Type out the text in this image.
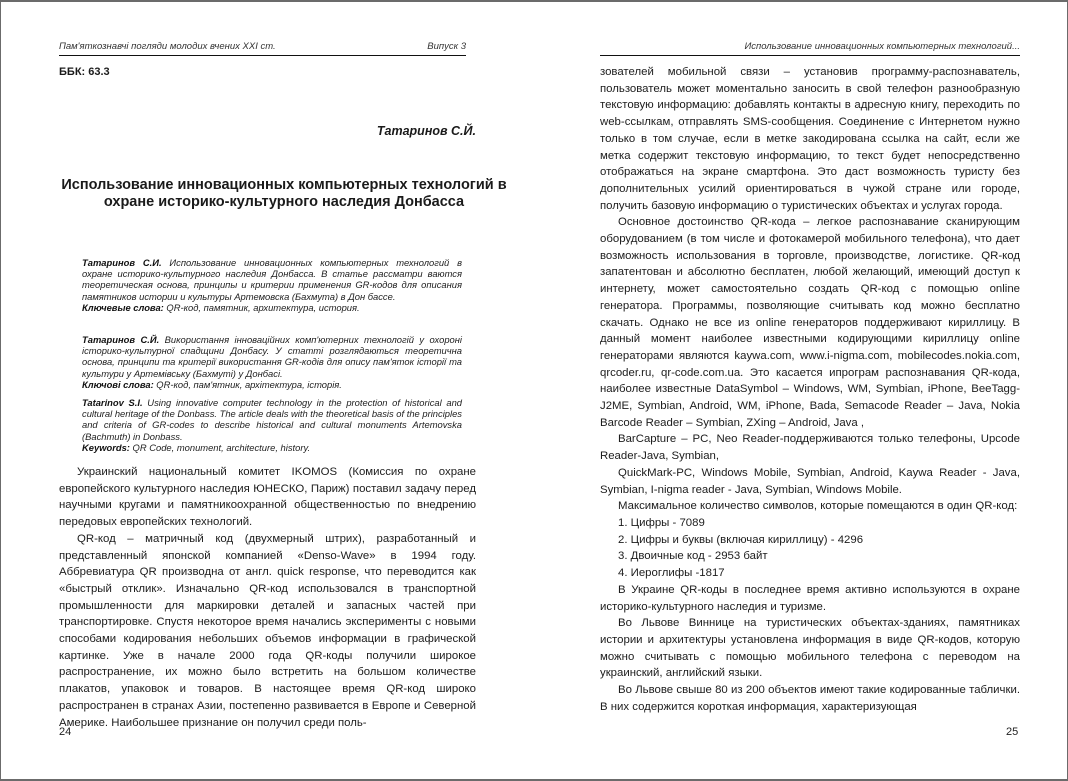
Пам'яткознавчі погляди молодих вчених XXI ст.	Випуск 3
ББК: 63.3
Татаринов С.Й.
Использование инновационных компьютерных технологий в охране историко-культурного наследия Донбасса
Татаринов С.И. Использование инновационных компьютерных технологий в охране историко-культурного наследия Донбасса. В статье рассматри ваются теоретическая основа, принципы и критерии применения GR-кодов для описания памятников истории и культуры Артемовска (Бахмута) в Дон бассе.
Ключевые слова: QR-код, памятник, архитектура, история.
Татаринов С.Й. Використання інноваційних комп'ютерних технологій у охороні історико-культурної спадщини Донбасу. У статті розглядаються теоретична основа, принципи та критерії використання GR-кодів для опису пам'яток історії та культури у Артемівську (Бахмуті) у Донбасі.
Ключові слова: QR-код, пам'ятник, архітектура, історія.
Tatarinov S.I. Using innovative computer technology in the protection of historical and cultural heritage of the Donbass. The article deals with the theoretical basis of the principles and criteria of GR-codes to describe historical and cultural monuments Artemovska (Bachmuth) in Donbass.
Keywords: QR Code, monument, architecture, history.

Украинский национальный комитет IKOMOS (Комиссия по охране европейского культурного наследия ЮНЕСКО, Париж) поставил задачу перед научными кругами и памятникоохранной общественностью по внедрению передовых европейских технологий.

QR-код – матричный код (двухмерный штрих), разработанный и представленный японской компанией «Denso-Wave» в 1994 году. Аббревиатура QR производна от англ. quick response, что переводится как «быстрый отклик». Изначально QR-код использовался в транспортной промышленности для маркировки деталей и запасных частей при транспортировке. Спустя некоторое время начались эксперименты с новыми способами кодирования небольших объемов информации в графической картинке. Уже в начале 2000 года QR-коды получили широкое распространение, их можно было встретить на большом количестве плакатов, упаковок и товаров. В настоящее время QR-код широко распространен в странах Азии, постепенно развивается в Европе и Северной Америке. Наибольшее признание он получил среди поль-

24
Использование инновационных компьютерных технологий...

зователей мобильной связи – установив программу-распознаватель, пользователь может моментально заносить в свой телефон разнообразную текстовую информацию: добавлять контакты в адресную книгу, переходить по web-ссылкам, отправлять SMS-сообщения. Соединение с Интернетом нужно только в том случае, если в метке закодирована ссылка на сайт, если же метка содержит текстовую информацию, то текст будет непосредственно отображаться на экране смартфона. Это даст возможность туристу без дополнительных усилий ориентироваться в чужой стране или городе, получить базовую информацию о туристических объектах и услугах города.

Основное достоинство QR-кода – легкое распознавание сканирующим оборудованием (в том числе и фотокамерой мобильного телефона), что дает возможность использования в торговле, производстве, логистике. QR-код запатентован и абсолютно бесплатен, любой желающий, имеющий доступ к интернету, может самостоятельно создать QR-код с помощью online генератора. Программы, позволяющие считывать код можно бесплатно скачать. Однако не все из online генераторов поддерживают кириллицу. В данный момент наиболее известными кодирующими кириллицу online генераторами являются kaywa.com, www.i-nigma.com, mobilecodes.nokia.com, qrcoder.ru, qr-code.com.ua. Это касается ипрограм распознавания QR-кода, наиболее известные DataSymbol – Windows, WM, Symbian, iPhone, BeeTagg-J2ME, Symbian, Android, WM, iPhone, Bada, Semacode Reader – Java, Nokia Barcode Reader – Symbian, ZXing – Android, Java ,

BarCapture – PC, Neo Reader-поддерживаются только телефоны, Upcode Reader-Java, Symbian,

QuickMark-PC, Windows Mobile, Symbian, Android, Kaywa Reader - Java, Symbian, I-nigma reader - Java, Symbian, Windows Mobile.

Максимальное количество символов, которые помещаются в один QR-код:

1. Цифры - 7089
2. Цифры и буквы (включая кириллицу) - 4296
3. Двоичные код - 2953 байт
4. Иероглифы -1817

В Украине QR-коды в последнее время активно используются в охране историко-культурного наследия и туризме.

Во Львове Виннице на туристических объектах-зданиях, памятниках истории и архитектуры установлена информация в виде QR-кодов, которую можно считывать с помощью мобильного телефона с переводом на украинский, английский языки.

Во Львове свыше 80 из 200 объектов имеют такие кодированные таблички. В них содержится короткая информация, характеризующая

25
